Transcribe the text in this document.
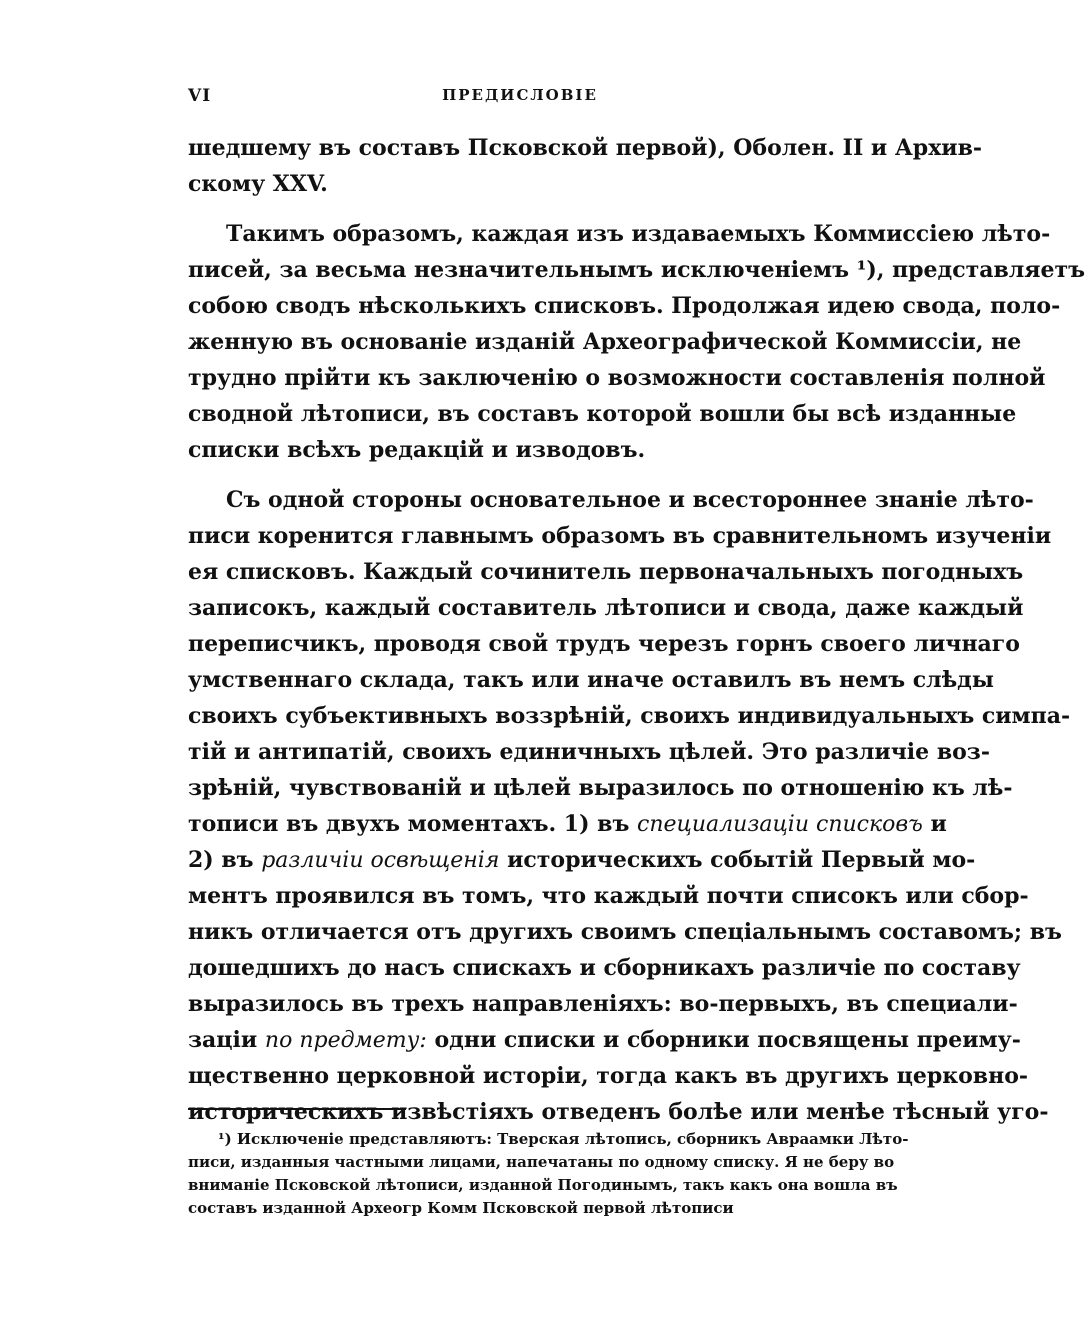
VI	ПРЕДИСЛОВІЕ
шедшему въ составъ Псковской первой), Оболен. II и Архив-
скому XXV.
Такимъ образомъ, каждая изъ издаваемыхъ Коммиссіею лѣто-
писей, за весьма незначительнымъ исключеніемъ ¹), представляетъ
собою сводъ нѣсколькихъ списковъ. Продолжая идею свода, поло-
женную въ основаніе изданій Археографической Коммиссіи, не
трудно прійти къ заключенію о возможности составленія полной
сводной лѣтописи, въ составъ которой вошли бы всѣ изданные
списки всѣхъ редакцій и изводовъ.
Съ одной стороны основательное и всестороннее знаніе лѣто-
писи коренится главнымъ образомъ въ сравнительномъ изученіи
ея списковъ. Каждый сочинитель первоначальныхъ погодныхъ
записокъ, каждый составитель лѣтописи и свода, даже каждый
переписчикъ, проводя свой трудъ черезъ горнъ своего личнаго
умственнаго склада, такъ или иначе оставилъ въ немъ слѣды
своихъ субъективныхъ воззрѣній, своихъ индивидуальныхъ симпа-
тій и антипатій, своихъ единичныхъ цѣлей. Это различіе воз-
зрѣній, чувствованій и цѣлей выразилось по отношенію къ лѣ-
тописи въ двухъ моментахъ. 1) въ специализацiи списковъ и
2) въ различiи освѣщенія историческихъ событій Первый мо-
ментъ проявился въ томъ, что каждый почти списокъ или сбор-
никъ отличается отъ другихъ своимъ спеціальнымъ составомъ; въ
дошедшихъ до насъ спискахъ и сборникахъ различіе по составу
выразилось въ трехъ направленіяхъ: во-первыхъ, въ специали-
заціи по предмету: одни списки и сборники посвящены преиму-
щественно церковной исторіи, тогда какъ въ другихъ церковно-
историческихъ извѣстіяхъ отведенъ болѣе или менѣе тѣсный уго-
¹) Исключеніе представляютъ: Тверская лѣтопись, сборникъ Авраамки Лѣто-
писи, изданныя частными лицами, напечатаны по одному списку. Я не беру во
вниманіе Псковской лѣтописи, изданной Погодинымъ, такъ какъ она вошла въ
составъ изданной Археогр Комм Псковской первой лѣтописи
